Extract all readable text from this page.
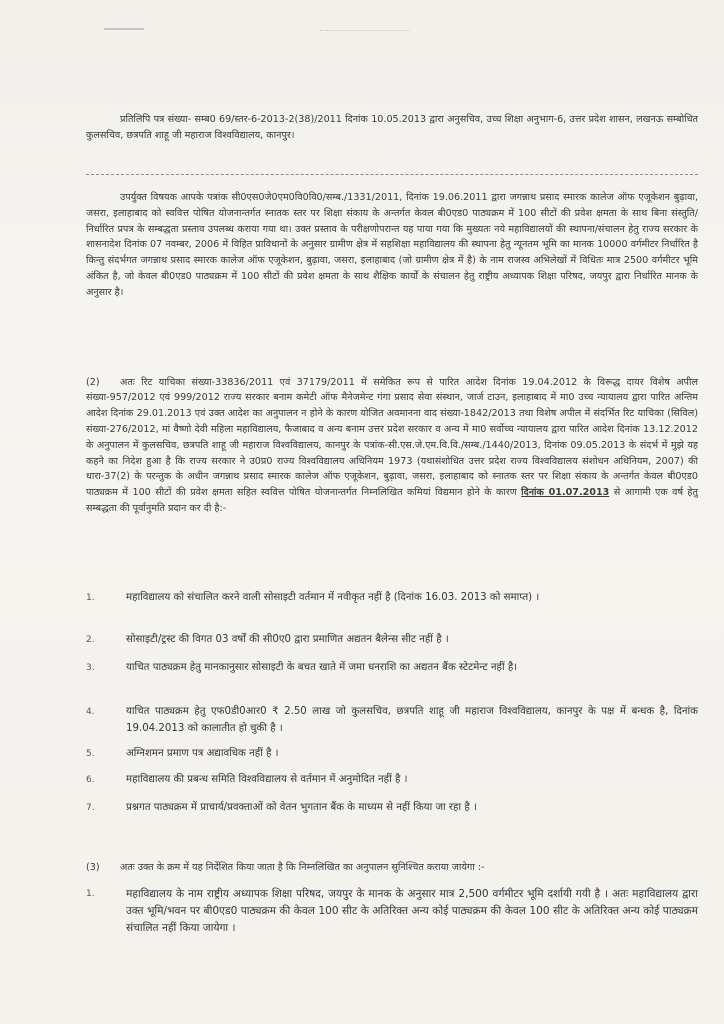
प्रतिलिपि पत्र संख्या- सम्ब0 69/स्तर-6-2013-2(38)/2011 दिनांक 10.05.2013 द्वारा अनुसचिव, उच्च शिक्षा अनुभाग-6, उत्तर प्रदेश शासन, लखनऊ सम्बोधित कुलसचिव, छत्रपति शाहू जी महाराज विश्वविद्यालय, कानपुर।

उपर्युक्त विषयक आपके पत्रांक सी0एस0जे0एम0वि0वि0/सम्ब./1331/2011, दिनांक 19.06.2011 द्वारा जगन्नाथ प्रसाद स्मारक कालेज ऑफ एजूकेशन बुढ़ावा, जसरा, इलाहाबाद को स्ववित्त पोषित योजनान्तर्गत स्नातक स्तर पर शिक्षा संकाय के अन्तर्गत केवल बी0एड0 पाठ्यक्रम में 100 सीटों की प्रवेश क्षमता के साथ बिना संस्तुति/निर्धारित प्रपत्र के सम्बद्धता प्रस्ताव उपलब्ध कराया गया था। उक्त प्रस्ताव के परीक्षणोपरान्त यह पाया गया कि मुख्यतः नये महाविद्यालयों की स्थापना/संचालन हेतु राज्य सरकार के शासनादेश दिनांक 07 नवम्बर, 2006 में विहित प्राविधानों के अनुसार ग्रामीण क्षेत्र में सहशिक्षा महाविद्यालय की स्थापना हेतु न्यूनतम भूमि का मानक 10000 वर्गमीटर निर्धारित है किन्तु संदर्भगत जगन्नाथ प्रसाद स्मारक कालेज ऑफ एजूकेशन, बुढ़ावा, जसरा, इलाहाबाद (जो ग्रामीण क्षेत्र में है) के नाम राजस्व अभिलेखों में विधितः मात्र 2500 वर्गमीटर भूमि अंकित है, जो केवल बी0एड0 पाठ्यक्रम में 100 सीटों की प्रवेश क्षमता के साथ शैक्षिक कार्यों के संचालन हेतु राष्ट्रीय अध्यापक शिक्षा परिषद, जयपुर द्वारा निर्धारित मानक के अनुसार है।

(2) अतः रिट याचिका संख्या-33836/2011 एवं 37179/2011 में समेकित रूप से पारित आदेश दिनांक 19.04.2012 के विरूद्ध दायर विशेष अपील संख्या-957/2012 एवं 999/2012 राज्य सरकार बनाम कमेटी ऑफ मैनेजमेन्ट गंगा प्रसाद सेवा संस्थान, जार्ज टाउन, इलाहाबाद में मा0 उच्च न्यायालय द्वारा पारित अन्तिम आदेश दिनांक 29.01.2013 एवं उक्त आदेश का अनुपालन न होने के कारण योजित अवमानना वाद संख्या-1842/2013 तथा विशेष अपील में संदर्भित रिट याचिका (सिविल) संख्या-276/2012, मां वैष्णो देवी महिला महाविद्यालय, फैजाबाद व अन्य बनाम उत्तर प्रदेश सरकार व अन्य में मा0 सर्वोच्च न्यायालय द्वारा पारित आदेश दिनांक 13.12.2012 के अनुपालन में कुलसचिव, छत्रपति शाहू जी महाराज विश्वविद्यालय, कानपुर के पत्रांक-सी.एस.जे.एम.वि.वि./सम्ब./1440/2013, दिनांक 09.05.2013 के संदर्भ में मुझे यह कहने का निदेश हुआ है कि राज्य सरकार ने उ0प्र0 राज्य विश्वविद्यालय अधिनियम 1973 (यथासंशोधित उत्तर प्रदेश राज्य विश्वविद्यालय संशोधन अधिनियम, 2007) की धारा-37(2) के परन्तुक के अधीन जगन्नाथ प्रसाद स्मारक कालेज ऑफ एजूकेशन, बुढ़ावा, जसरा, इलाहाबाद को स्नातक स्तर पर शिक्षा संकाय के अन्तर्गत केवल बी0एड0 पाठ्यक्रम में 100 सीटों की प्रवेश क्षमता सहित स्ववित्त पोषित योजनान्तर्गत निम्नलिखित कमियां विद्यमान होने के कारण दिनांक 01.07.2013 से आगामी एक वर्ष हेतु सम्बद्धता की पूर्वानुमति प्रदान कर दी है:-

1.	महाविद्यालय को संचालित करने वाली सोसाइटी वर्तमान में नवीकृत नहीं है (दिनांक 16.03. 2013 को समाप्त) ।
2.	सोसाइटी/ट्रस्ट की विगत 03 वर्षों की सी0ए0 द्वारा प्रमाणित अद्यतन बैलेन्स सीट नहीं है ।
3.	याचित पाठ्यक्रम हेतु मानकानुसार सोसाइटी के बचत खाते में जमा धनराशि का अद्यतन बैंक स्टेटमेन्ट नहीं है।
4.	याचित पाठ्यक्रम हेतु एफ0डी0आर0 ₹ 2.50 लाख जो कुलसचिव, छत्रपति शाहू जी महाराज विश्वविद्यालय, कानपुर के पक्ष में बन्धक है, दिनांक 19.04.2013 को कालातीत हो चुकी है ।
5.	अग्निशमन प्रमाण पत्र अद्यावधिक नहीं है ।
6.	महाविद्यालय की प्रबन्ध समिति विश्वविद्यालय से वर्तमान में अनुमोदित नहीं है ।
7.	प्रश्नगत पाठ्यक्रम में प्राचार्य/प्रवक्ताओं को वेतन भुगतान बैंक के माध्यम से नहीं किया जा रहा है ।

(3) अतः उक्त के क्रम में यह निर्देशित किया जाता है कि निम्नलिखित का अनुपालन सुनिश्चित कराया जायेगा :-

1.	महाविद्यालय के नाम राष्ट्रीय अध्यापक शिक्षा परिषद, जयपुर के मानक के अनुसार मात्र 2,500 वर्गमीटर भूमि दर्शायी गयी है । अतः महाविद्यालय द्वारा उक्त भूमि/भवन पर बी0एड0 पाठ्यक्रम की केवल 100 सीट के अतिरिक्त अन्य कोई पाठ्यक्रम की केवल 100 सीट के अतिरिक्त अन्य कोई पाठ्यक्रम संचालित नहीं किया जायेगा ।
